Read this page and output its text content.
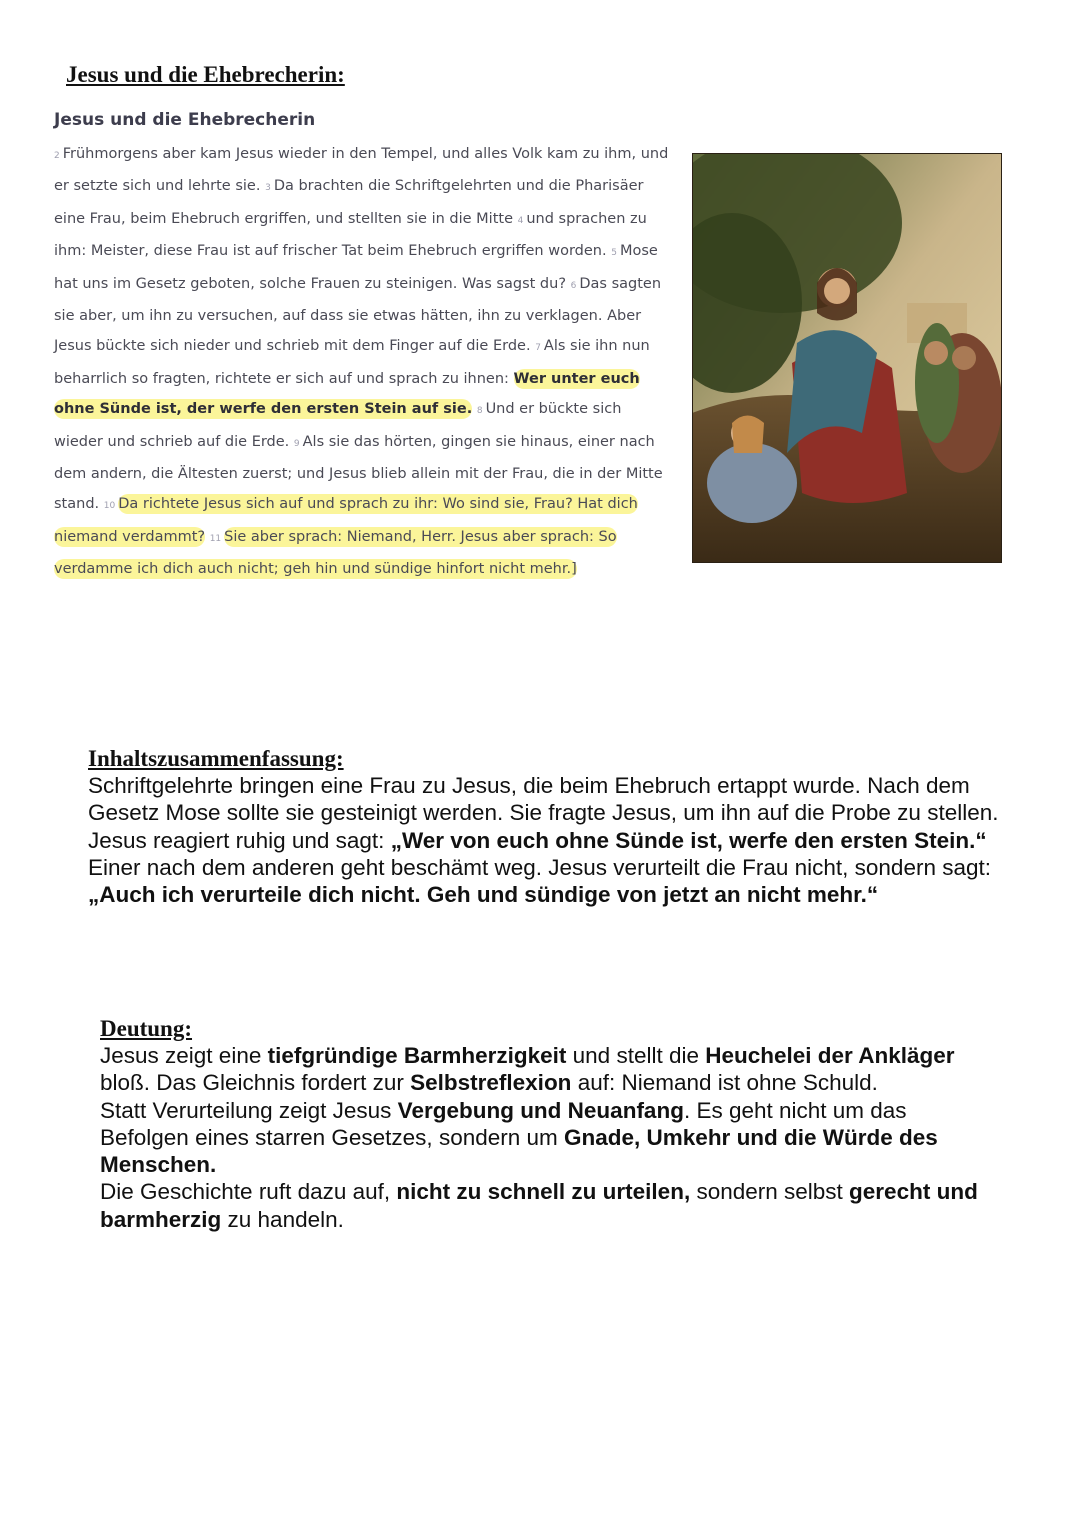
Jesus und die Ehebrecherin:
Jesus und die Ehebrecherin
2 Frühmorgens aber kam Jesus wieder in den Tempel, und alles Volk kam zu ihm, und er setzte sich und lehrte sie. 3 Da brachten die Schriftgelehrten und die Pharisäer eine Frau, beim Ehebruch ergriffen, und stellten sie in die Mitte 4 und sprachen zu ihm: Meister, diese Frau ist auf frischer Tat beim Ehebruch ergriffen worden. 5 Mose hat uns im Gesetz geboten, solche Frauen zu steinigen. Was sagst du? 6 Das sagten sie aber, um ihn zu versuchen, auf dass sie etwas hätten, ihn zu verklagen. Aber Jesus bückte sich nieder und schrieb mit dem Finger auf die Erde. 7 Als sie ihn nun beharrlich so fragten, richtete er sich auf und sprach zu ihnen: Wer unter euch ohne Sünde ist, der werfe den ersten Stein auf sie. 8 Und er bückte sich wieder und schrieb auf die Erde. 9 Als sie das hörten, gingen sie hinaus, einer nach dem andern, die Ältesten zuerst; und Jesus blieb allein mit der Frau, die in der Mitte stand. 10 Da richtete Jesus sich auf und sprach zu ihr: Wo sind sie, Frau? Hat dich niemand verdammt? 11 Sie aber sprach: Niemand, Herr. Jesus aber sprach: So verdamme ich dich auch nicht; geh hin und sündige hinfort nicht mehr.]
Inhaltszusammenfassung:
Schriftgelehrte bringen eine Frau zu Jesus, die beim Ehebruch ertappt wurde. Nach dem Gesetz Mose sollte sie gesteinigt werden. Sie fragte Jesus, um ihn auf die Probe zu stellen. Jesus reagiert ruhig und sagt: „Wer von euch ohne Sünde ist, werfe den ersten Stein.“
Einer nach dem anderen geht beschämt weg. Jesus verurteilt die Frau nicht, sondern sagt: „Auch ich verurteile dich nicht. Geh und sündige von jetzt an nicht mehr.“
Deutung:
Jesus zeigt eine tiefgründige Barmherzigkeit und stellt die Heuchelei der Ankläger bloß. Das Gleichnis fordert zur Selbstreflexion auf: Niemand ist ohne Schuld.
Statt Verurteilung zeigt Jesus Vergebung und Neuanfang. Es geht nicht um das Befolgen eines starren Gesetzes, sondern um Gnade, Umkehr und die Würde des Menschen.
Die Geschichte ruft dazu auf, nicht zu schnell zu urteilen, sondern selbst gerecht und barmherzig zu handeln.
